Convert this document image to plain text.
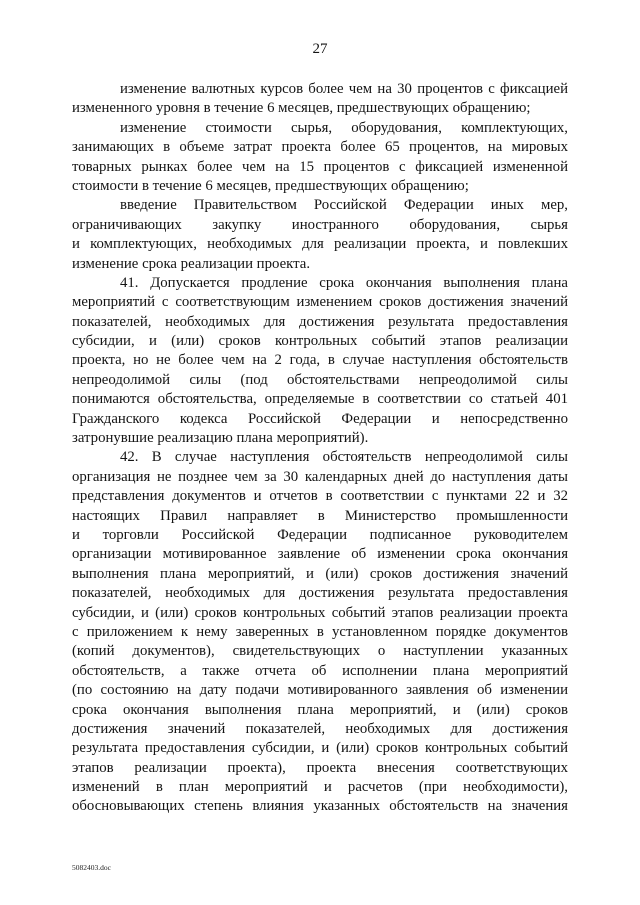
27
изменение валютных курсов более чем на 30 процентов с фиксацией
измененного уровня в течение 6 месяцев, предшествующих обращению;
изменение стоимости сырья, оборудования, комплектующих,
занимающих в объеме затрат проекта более 65 процентов, на мировых
товарных рынках более чем на 15 процентов с фиксацией измененной
стоимости в течение 6 месяцев, предшествующих обращению;
введение Правительством Российской Федерации иных мер,
ограничивающих закупку иностранного оборудования, сырья
и комплектующих, необходимых для реализации проекта, и повлекших
изменение срока реализации проекта.
41. Допускается продление срока окончания выполнения плана
мероприятий с соответствующим изменением сроков достижения значений
показателей, необходимых для достижения результата предоставления
субсидии, и (или) сроков контрольных событий этапов реализации
проекта, но не более чем на 2 года, в случае наступления обстоятельств
непреодолимой силы (под обстоятельствами непреодолимой силы
понимаются обстоятельства, определяемые в соответствии со статьей 401
Гражданского кодекса Российской Федерации и непосредственно
затронувшие реализацию плана мероприятий).
42. В случае наступления обстоятельств непреодолимой силы
организация не позднее чем за 30 календарных дней до наступления даты
представления документов и отчетов в соответствии с пунктами 22 и 32
настоящих Правил направляет в Министерство промышленности
и торговли Российской Федерации подписанное руководителем
организации мотивированное заявление об изменении срока окончания
выполнения плана мероприятий, и (или) сроков достижения значений
показателей, необходимых для достижения результата предоставления
субсидии, и (или) сроков контрольных событий этапов реализации проекта
с приложением к нему заверенных в установленном порядке документов
(копий документов), свидетельствующих о наступлении указанных
обстоятельств, а также отчета об исполнении плана мероприятий
(по состоянию на дату подачи мотивированного заявления об изменении
срока окончания выполнения плана мероприятий, и (или) сроков
достижения значений показателей, необходимых для достижения
результата предоставления субсидии, и (или) сроков контрольных событий
этапов реализации проекта), проекта внесения соответствующих
изменений в план мероприятий и расчетов (при необходимости),
обосновывающих степень влияния указанных обстоятельств на значения
5082403.doc
